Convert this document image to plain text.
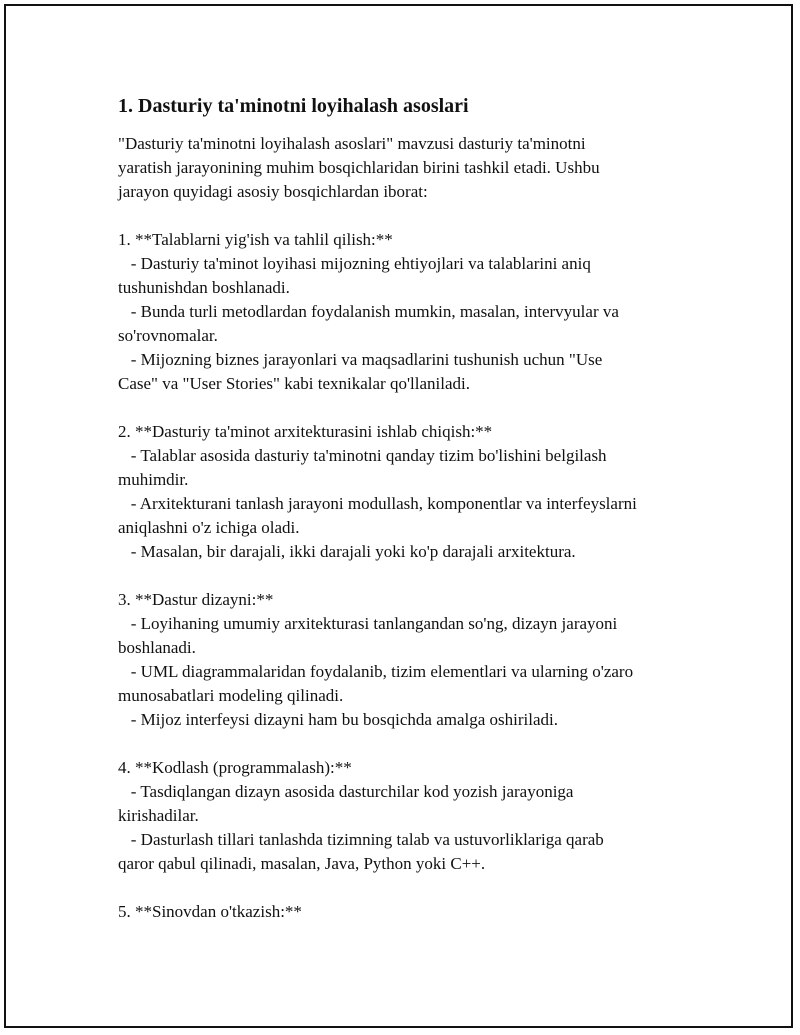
1. Dasturiy ta'minotni loyihalash asoslari

"Dasturiy ta'minotni loyihalash asoslari" mavzusi dasturiy ta'minotni
yaratish jarayonining muhim bosqichlaridan birini tashkil etadi. Ushbu
jarayon quyidagi asosiy bosqichlardan iborat:

1. **Talablarni yig'ish va tahlil qilish:**
- Dasturiy ta'minot loyihasi mijozning ehtiyojlari va talablarini aniq
tushunishdan boshlanadi.
- Bunda turli metodlardan foydalanish mumkin, masalan, intervyular va
so'rovnomalar.
- Mijozning biznes jarayonlari va maqsadlarini tushunish uchun "Use
Case" va "User Stories" kabi texnikalar qo'llaniladi.

2. **Dasturiy ta'minot arxitekturasini ishlab chiqish:**
- Talablar asosida dasturiy ta'minotni qanday tizim bo'lishini belgilash
muhimdir.
- Arxitekturani tanlash jarayoni modullash, komponentlar va interfeyslarni
aniqlashni o'z ichiga oladi.
- Masalan, bir darajali, ikki darajali yoki ko'p darajali arxitektura.

3. **Dastur dizayni:**
- Loyihaning umumiy arxitekturasi tanlangandan so'ng, dizayn jarayoni
boshlanadi.
- UML diagrammalaridan foydalanib, tizim elementlari va ularning o'zaro
munosabatlari modeling qilinadi.
- Mijoz interfeysi dizayni ham bu bosqichda amalga oshiriladi.

4. **Kodlash (programmalash):**
- Tasdiqlangan dizayn asosida dasturchilar kod yozish jarayoniga
kirishadilar.
- Dasturlash tillari tanlashda tizimning talab va ustuvorliklariga qarab
qaror qabul qilinadi, masalan, Java, Python yoki C++.

5. **Sinovdan o'tkazish:**
